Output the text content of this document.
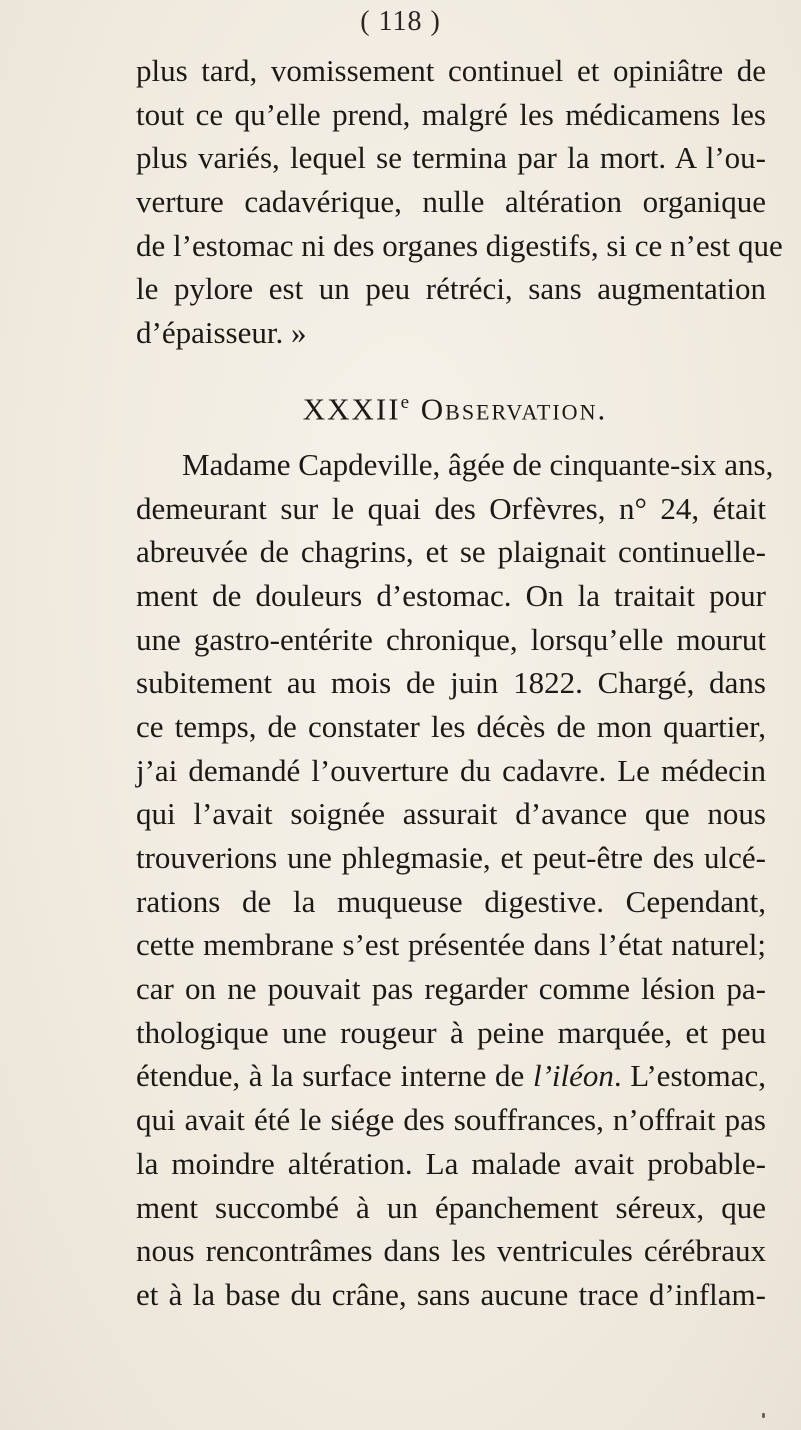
( 118 )
plus tard, vomissement continuel et opiniâtre de
tout ce qu’elle prend, malgré les médicamens les
plus variés, lequel se termina par la mort. A l’ou-
verture cadavérique, nulle altération organique
de l’estomac ni des organes digestifs, si ce n’est que
le pylore est un peu rétréci, sans augmentation
d’épaisseur. »
XXXIIe Observation.
Madame Capdeville, âgée de cinquante-six ans,
demeurant sur le quai des Orfèvres, n° 24, était
abreuvée de chagrins, et se plaignait continuelle-
ment de douleurs d’estomac. On la traitait pour
une gastro-entérite chronique, lorsqu’elle mourut
subitement au mois de juin 1822. Chargé, dans
ce temps, de constater les décès de mon quartier,
j’ai demandé l’ouverture du cadavre. Le médecin
qui l’avait soignée assurait d’avance que nous
trouverions une phlegmasie, et peut-être des ulcé-
rations de la muqueuse digestive. Cependant,
cette membrane s’est présentée dans l’état naturel;
car on ne pouvait pas regarder comme lésion pa-
thologique une rougeur à peine marquée, et peu
étendue, à la surface interne de l’iléon. L’estomac,
qui avait été le siége des souffrances, n’offrait pas
la moindre altération. La malade avait probable-
ment succombé à un épanchement séreux, que
nous rencontrâmes dans les ventricules cérébraux
et à la base du crâne, sans aucune trace d’inflam-
